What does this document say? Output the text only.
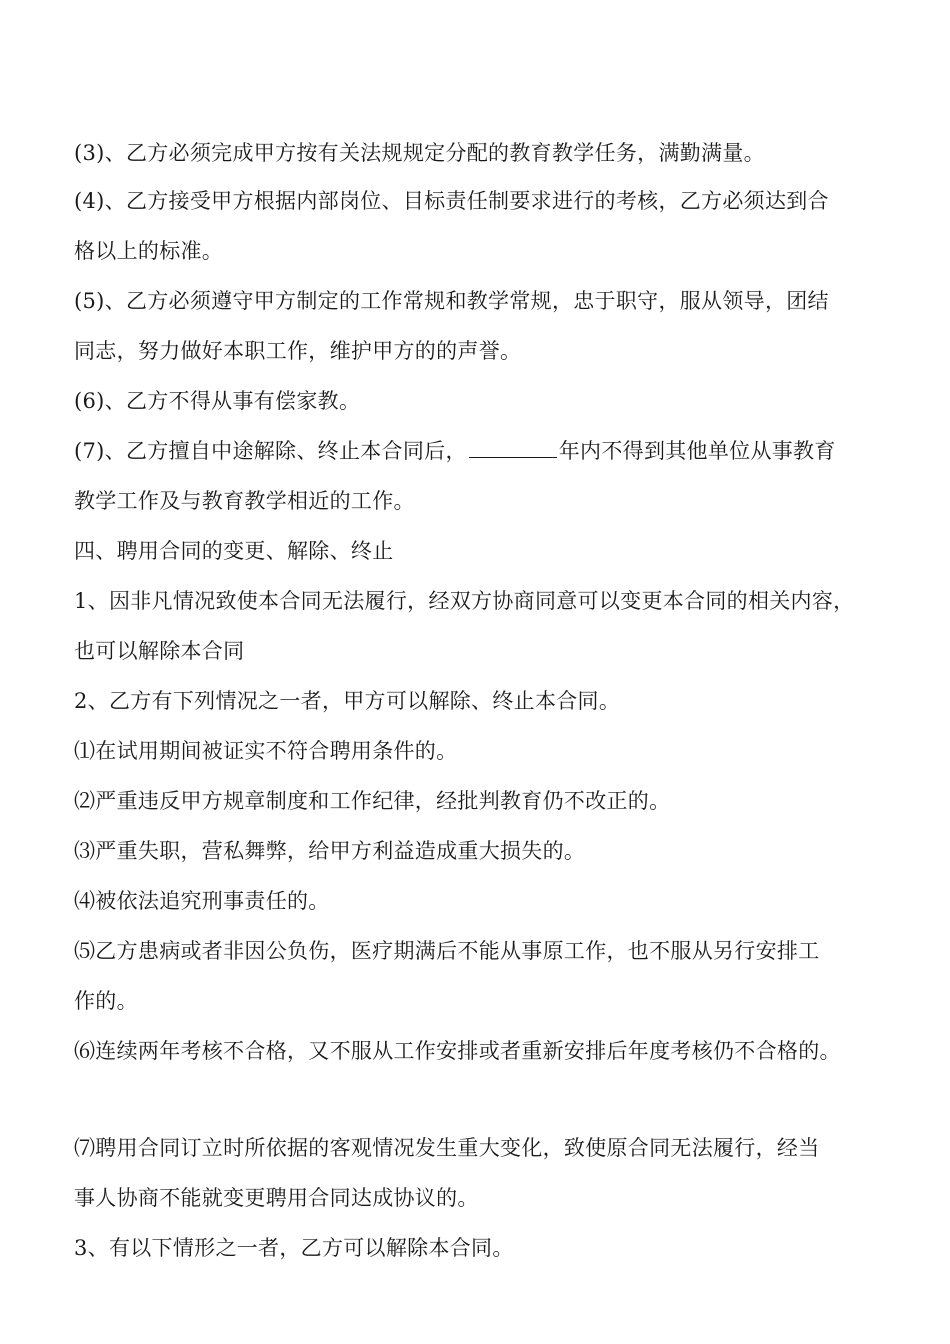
(3)、乙方必须完成甲方按有关法规规定分配的教育教学任务，满勤满量。
(4)、乙方接受甲方根据内部岗位、目标责任制要求进行的考核，乙方必须达到合
格以上的标准。
(5)、乙方必须遵守甲方制定的工作常规和教学常规，忠于职守，服从领导，团结
同志，努力做好本职工作，维护甲方的的声誉。
(6)、乙方不得从事有偿家教。
(7)、乙方擅自中途解除、终止本合同后，	年内不得到其他单位从事教育
教学工作及与教育教学相近的工作。
四、聘用合同的变更、解除、终止
1、因非凡情况致使本合同无法履行，经双方协商同意可以变更本合同的相关内容，
也可以解除本合同
2、乙方有下列情况之一者，甲方可以解除、终止本合同。
⑴在试用期间被证实不符合聘用条件的。
⑵严重违反甲方规章制度和工作纪律，经批判教育仍不改正的。
⑶严重失职，营私舞弊，给甲方利益造成重大损失的。
⑷被依法追究刑事责任的。
⑸乙方患病或者非因公负伤，医疗期满后不能从事原工作，也不服从另行安排工
作的。
⑹连续两年考核不合格，又不服从工作安排或者重新安排后年度考核仍不合格的。
⑺聘用合同订立时所依据的客观情况发生重大变化，致使原合同无法履行，经当
事人协商不能就变更聘用合同达成协议的。
3、有以下情形之一者，乙方可以解除本合同。
